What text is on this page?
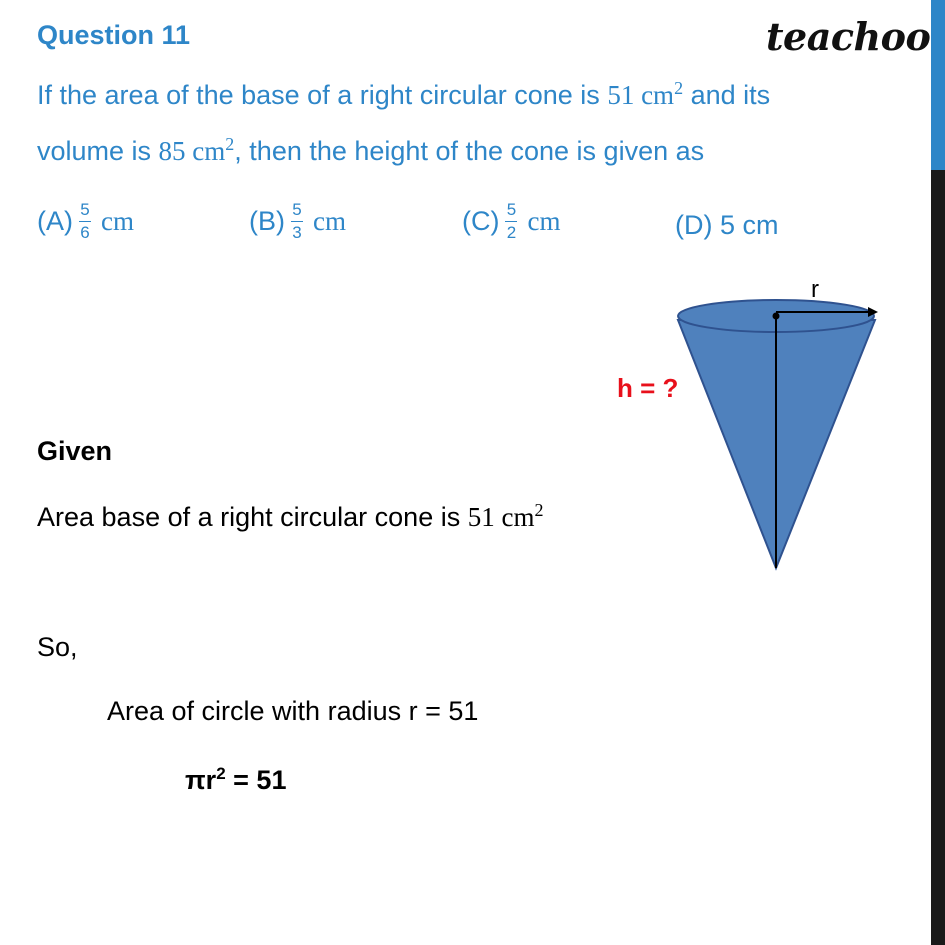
Question 11	teachoo
If the area of the base of a right circular cone is 51 $cm^2$ and its
volume is 85 $cm^2$, then the height of the cone is given as
$(A) \frac{5}{6}$ cm	$(B) \frac{5}{3}$ cm	$(C) \frac{5}{2}$ cm	(D)
5 cm
r
h = ?
Given
Area base of a right circular cone is 51 $cm^2$
So,
Area of circle with radius r = 51
$\pi r^2 = 51$
